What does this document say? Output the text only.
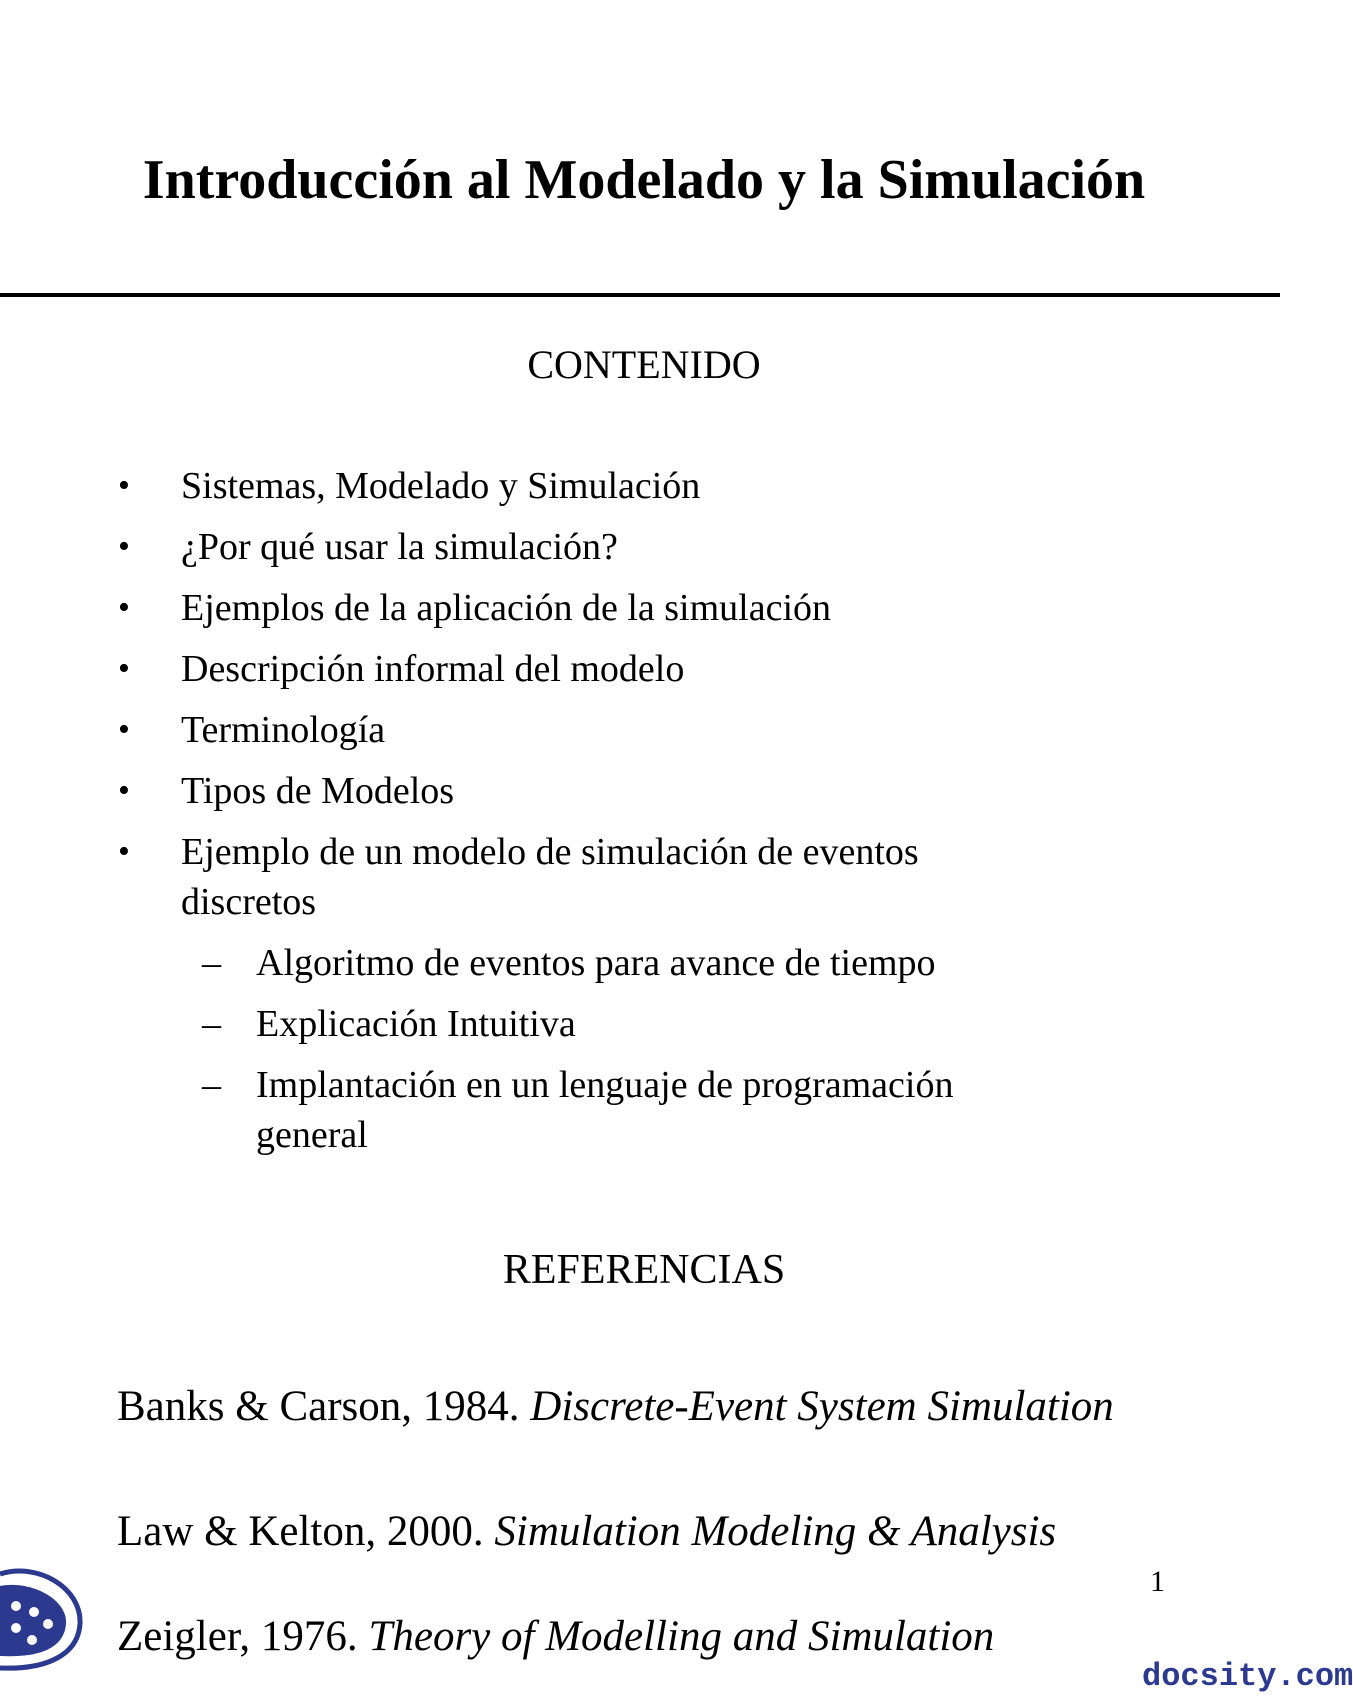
Introducción al Modelado y la Simulación
CONTENIDO
• Sistemas, Modelado y Simulación
• ¿Por qué usar la simulación?
• Ejemplos de la aplicación de la simulación
• Descripción informal del modelo
• Terminología
• Tipos de Modelos
• Ejemplo de un modelo de simulación de eventos discretos
– Algoritmo de eventos para avance de tiempo
– Explicación Intuitiva
– Implantación en un lenguaje de programación general
REFERENCIAS
Banks & Carson, 1984. Discrete-Event System Simulation
Law & Kelton, 2000. Simulation Modeling & Analysis
Zeigler, 1976. Theory of Modelling and Simulation
1
docsity.com
